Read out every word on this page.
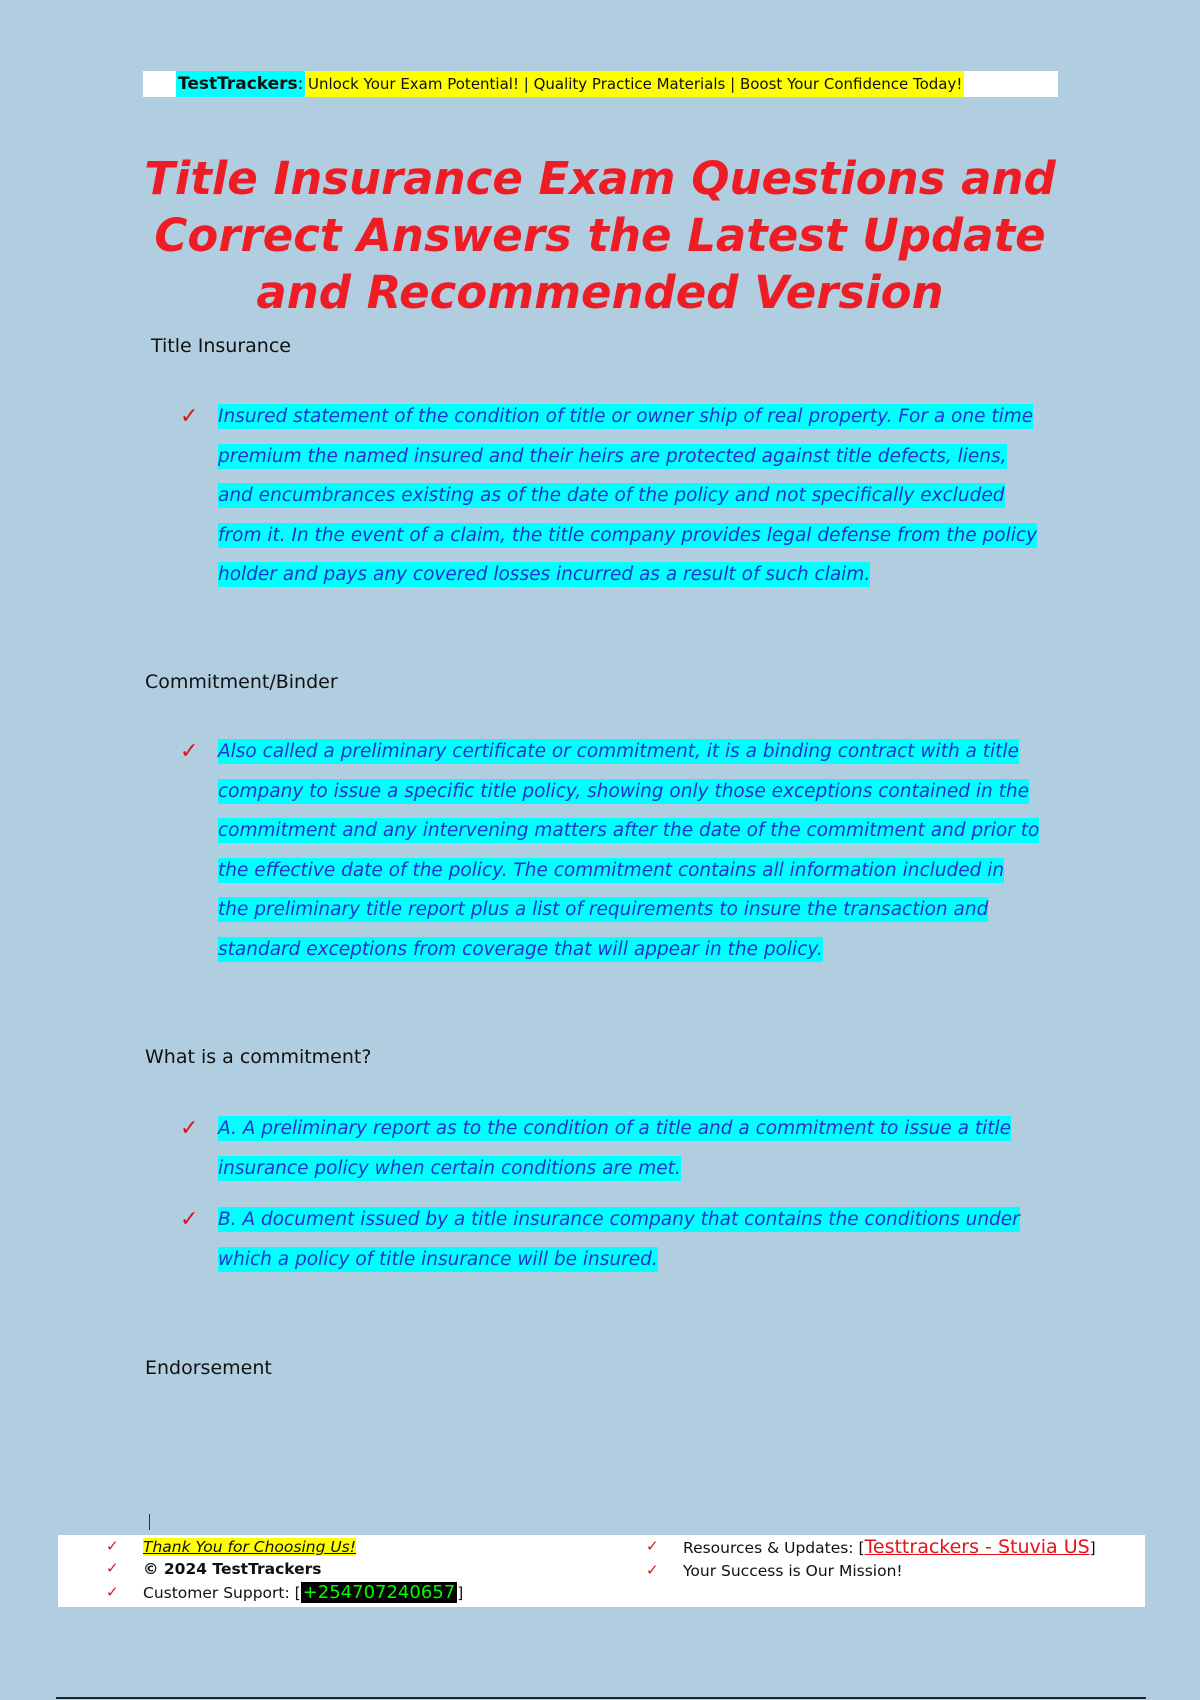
TestTrackers: Unlock Your Exam Potential! | Quality Practice Materials | Boost Your Confidence Today!
Title Insurance Exam Questions and Correct Answers the Latest Update and Recommended Version
Title Insurance
✓ Insured statement of the condition of title or owner ship of real property. For a one time premium the named insured and their heirs are protected against title defects, liens, and encumbrances existing as of the date of the policy and not specifically excluded from it. In the event of a claim, the title company provides legal defense from the policy holder and pays any covered losses incurred as a result of such claim.
Commitment/Binder
✓ Also called a preliminary certificate or commitment, it is a binding contract with a title company to issue a specific title policy, showing only those exceptions contained in the commitment and any intervening matters after the date of the commitment and prior to the effective date of the policy. The commitment contains all information included in the preliminary title report plus a list of requirements to insure the transaction and standard exceptions from coverage that will appear in the policy.
What is a commitment?
✓ A. A preliminary report as to the condition of a title and a commitment to issue a title insurance policy when certain conditions are met.
✓ B. A document issued by a title insurance company that contains the conditions under which a policy of title insurance will be insured.
Endorsement
✓ Thank You for Choosing Us!
✓ © 2024 TestTrackers
✓ Customer Support: [ +254707240657 ]
✓ Resources & Updates: [Testtrackers - Stuvia US]
✓ Your Success is Our Mission!
